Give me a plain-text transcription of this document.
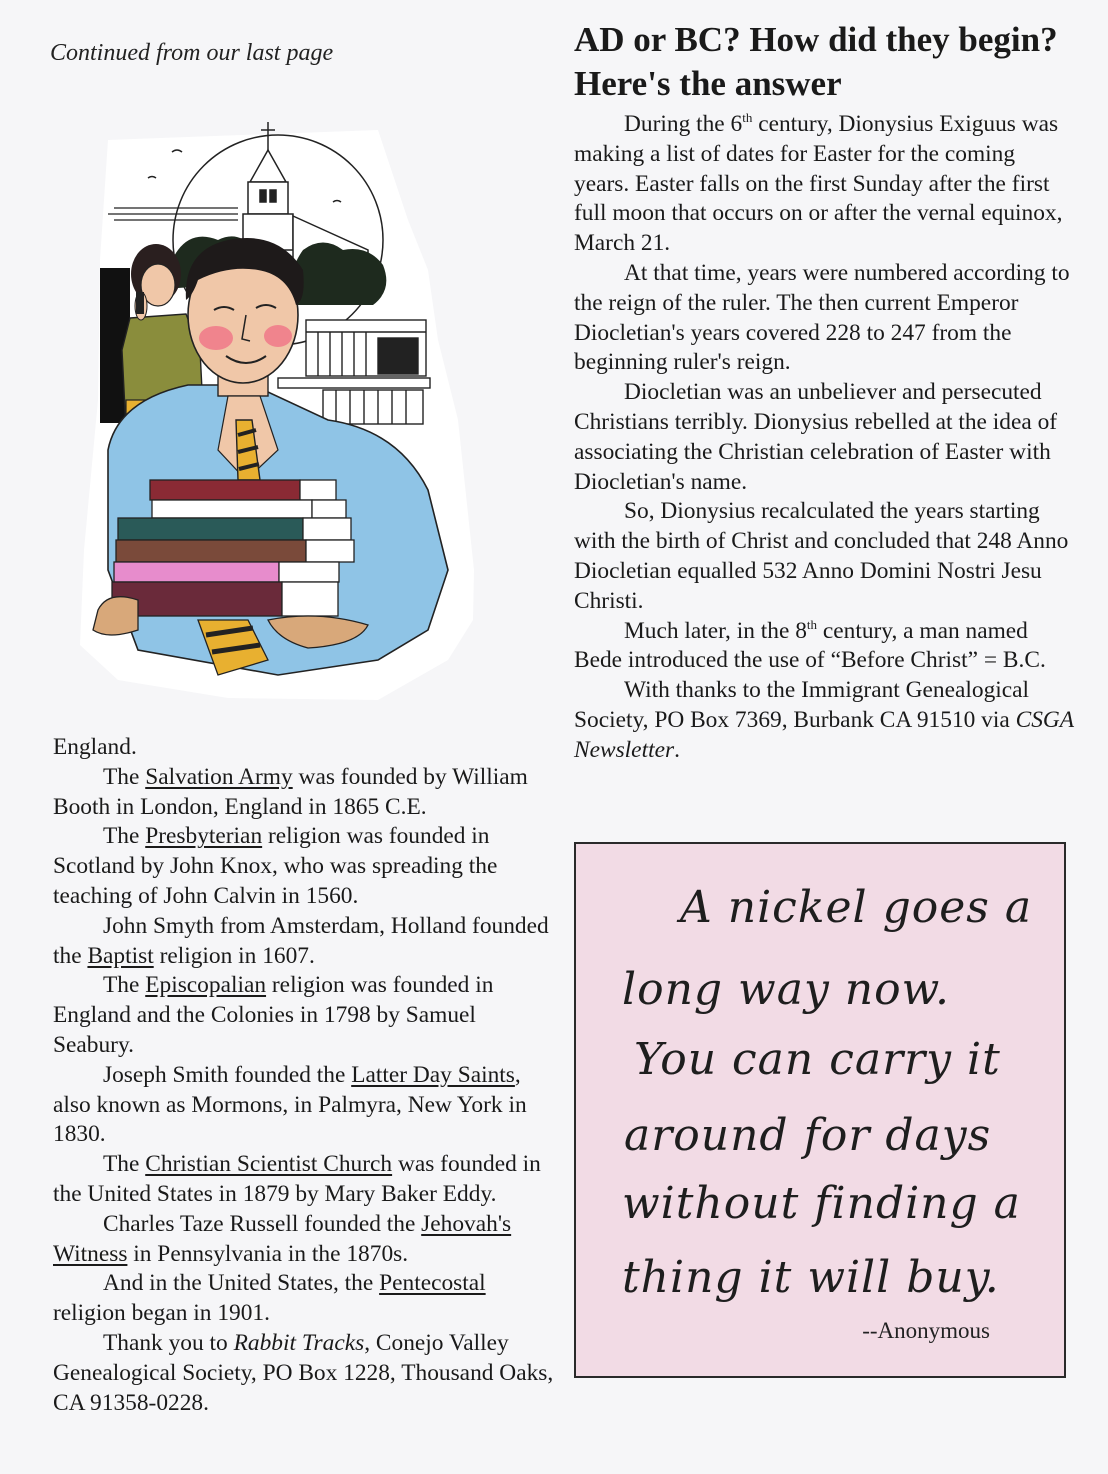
Continued from our last page

England.

The Salvation Army was founded by William Booth in London, England in 1865 C.E.

The Presbyterian religion was founded in Scotland by John Knox, who was spreading the teaching of John Calvin in 1560.

John Smyth from Amsterdam, Holland founded the Baptist religion in 1607.

The Episcopalian religion was founded in England and the Colonies in 1798 by Samuel Seabury.

Joseph Smith founded the Latter Day Saints, also known as Mormons, in Palmyra, New York in 1830.

The Christian Scientist Church was founded in the United States in 1879 by Mary Baker Eddy.

Charles Taze Russell founded the Jehovah's Witness in Pennsylvania in the 1870s.

And in the United States, the Pentecostal religion began in 1901.

Thank you to Rabbit Tracks, Conejo Valley Genealogical Society, PO Box 1228, Thousand Oaks, CA 91358-0228.

AD or BC? How did they begin? Here's the answer

During the 6th century, Dionysius Exiguus was making a list of dates for Easter for the coming years. Easter falls on the first Sunday after the first full moon that occurs on or after the vernal equinox, March 21.

At that time, years were numbered according to the reign of the ruler. The then current Emperor Diocletian's years covered 228 to 247 from the beginning ruler's reign.

Diocletian was an unbeliever and persecuted Christians terribly. Dionysius rebelled at the idea of associating the Christian celebration of Easter with Diocletian's name.

So, Dionysius recalculated the years starting with the birth of Christ and concluded that 248 Anno Diocletian equalled 532 Anno Domini Nostri Jesu Christi.

Much later, in the 8th century, a man named Bede introduced the use of “Before Christ” = B.C.

With thanks to the Immigrant Genealogical Society, PO Box 7369, Burbank CA 91510 via CSGA Newsletter.

A nickel goes a
long way now.
You can carry it
around for days
without finding a
thing it will buy.
--Anonymous
